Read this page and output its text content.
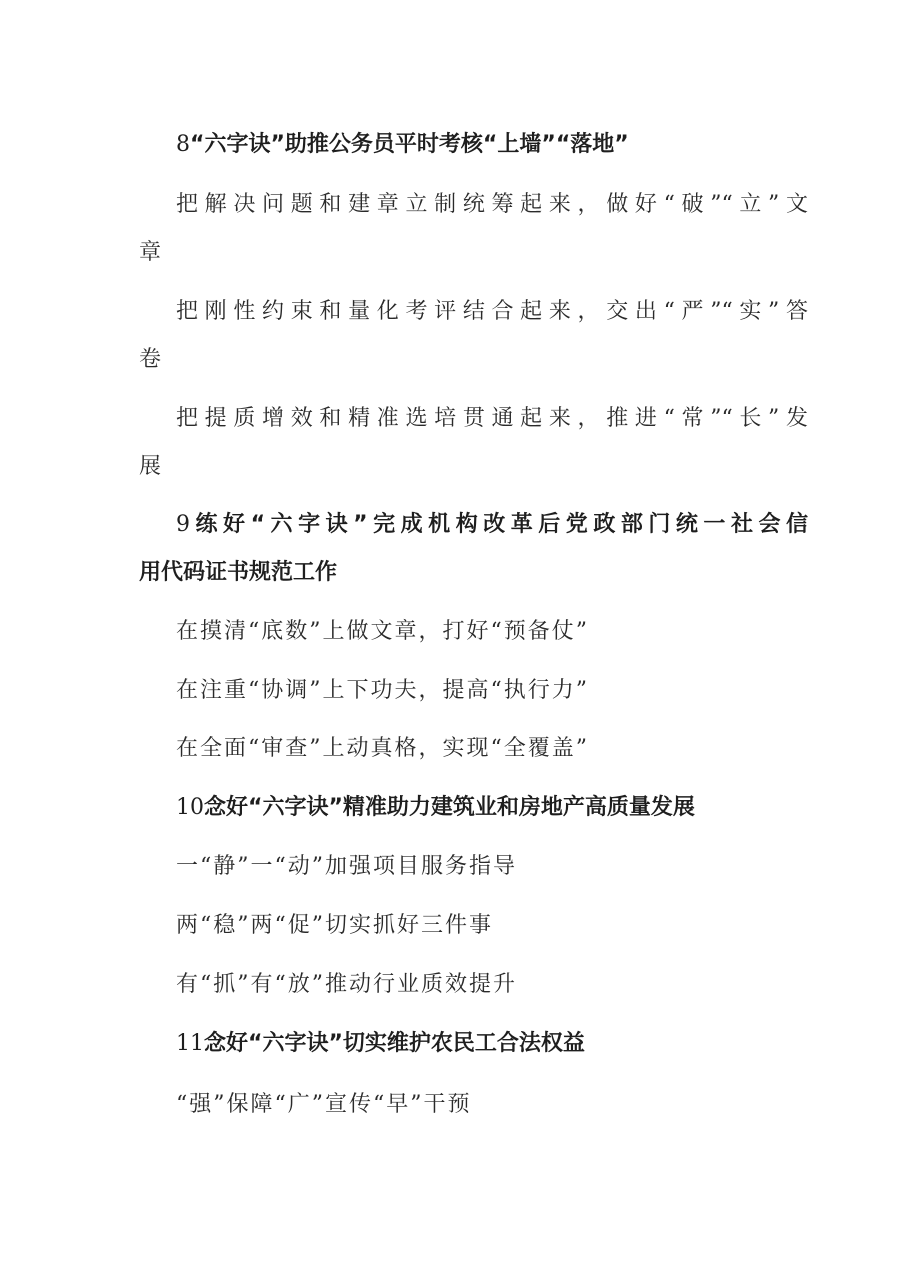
8“六字诀”助推公务员平时考核“上墙”“落地”

把解决问题和建章立制统筹起来，做好“破”“立”文

章

把刚性约束和量化考评结合起来，交出“严”“实”答

卷

把提质增效和精准选培贯通起来，推进“常”“长”发

展

9练好“六字诀”完成机构改革后党政部门统一社会信

用代码证书规范工作

在摸清“底数”上做文章，打好“预备仗”

在注重“协调”上下功夫，提高“执行力”

在全面“审查”上动真格，实现“全覆盖”

10念好“六字诀”精准助力建筑业和房地产高质量发展

一“静”一“动”加强项目服务指导

两“稳”两“促”切实抓好三件事

有“抓”有“放”推动行业质效提升

11念好“六字诀”切实维护农民工合法权益

“强”保障“广”宣传“早”干预
